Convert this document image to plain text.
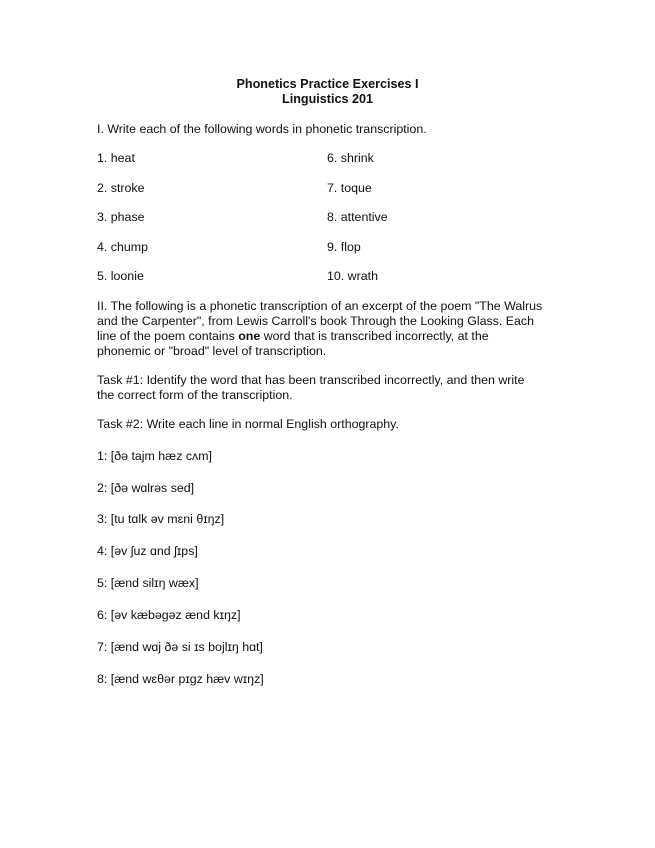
Phonetics Practice Exercises I
Linguistics 201
I. Write each of the following words in phonetic transcription.
1. heat
2. stroke
3. phase
4. chump
5. loonie
6. shrink
7. toque
8. attentive
9. flop
10. wrath
II. The following is a phonetic transcription of an excerpt of the poem "The Walrus
and the Carpenter", from Lewis Carroll's book Through the Looking Glass. Each
line of the poem contains one word that is transcribed incorrectly, at the
phonemic or "broad" level of transcription.
Task #1: Identify the word that has been transcribed incorrectly, and then write
the correct form of the transcription.
Task #2: Write each line in normal English orthography.
1: [ðə tajm hæz cʌm]
2: [ðə wɑlrəs sed]
3: [tu tɑlk əv mɛni θɪŋz]
4: [əv ʃuz ɑnd ʃɪps]
5: [ænd silɪŋ wæx]
6: [əv kæbəgəz ænd kɪŋz]
7: [ænd wɑj ðə si ɪs bojlɪŋ hɑt]
8: [ænd wɛθər pɪgz hæv wɪŋz]
